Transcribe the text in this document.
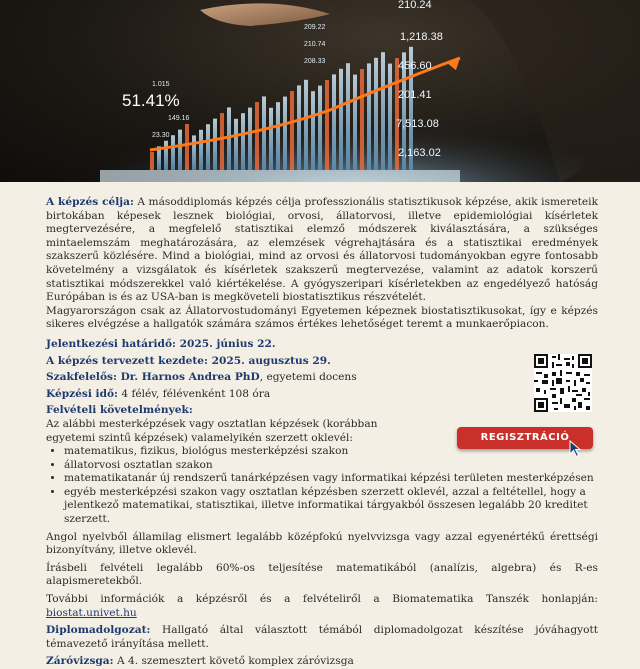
51.41%
210.24
1,218.38
456.60
201.41
7,513.08
2,163.02
209.22
210.74
208.33
1.015
149.16
23.30

A képzés célja: A másoddiplomás képzés célja professzionális statisztikusok képzése, akik ismereteik birtokában képesek lesznek biológiai, orvosi, állatorvosi, illetve epidemiológiai kísérletek megtervezésére, a megfelelő statisztikai elemző módszerek kiválasztására, a szükséges mintaelemszám meghatározására, az elemzések végrehajtására és a statisztikai eredmények szakszerű közlésére. Mind a biológiai, mind az orvosi és állatorvosi tudományokban egyre fontosabb követelmény a vizsgálatok és kísérletek szakszerű megtervezése, valamint az adatok korszerű statisztikai módszerekkel való kiértékelése. A gyógyszeripari kísérletekben az engedélyező hatóság Európában is és az USA-ban is megköveteli biostatisztikus részvételét.

Magyarországon csak az Állatorvostudományi Egyetemen képeznek biostatisztikusokat, így e képzés sikeres elvégzése a hallgatók számára számos értékes lehetőséget teremt a munkaerőpiacon.

Jelentkezési határidő: 2025. június 22.
A képzés tervezett kezdete: 2025. augusztus 29.
Szakfelelős: Dr. Harnos Andrea PhD, egyetemi docens
Képzési idő: 4 félév, félévenként 108 óra
Felvételi követelmények:
Az alábbi mesterképzések vagy osztatlan képzések (korábban egyetemi szintű képzések) valamelyikén szerzett oklevél:
• matematikus, fizikus, biológus mesterképzési szakon
• állatorvosi osztatlan szakon
• matematikatanár új rendszerű tanárképzésen vagy informatikai képzési területen mesterképzésen
• egyéb mesterképzési szakon vagy osztatlan képzésben szerzett oklevél, azzal a feltétellel, hogy a jelentkező matematikai, statisztikai, illetve informatikai tárgyakból összesen legalább 20 kreditet szerzett.

Angol nyelvből államilag elismert legalább középfokú nyelvvizsga vagy azzal egyenértékű érettségi bizonyítvány, illetve oklevél.

Írásbeli felvételi legalább 60%-os teljesítése matematikából (analízis, algebra) és R-es alapismeretekből.

További információk a képzésről és a felvételiről a Biomatematika Tanszék honlapján: biostat.univet.hu

Diplomadolgozat: Hallgató által választott témából diplomadolgozat készítése jóváhagyott témavezető irányítása mellett.

Záróvizsga: A 4. szemesztert követő komplex záróvizsga

REGISZTRÁCIÓ
